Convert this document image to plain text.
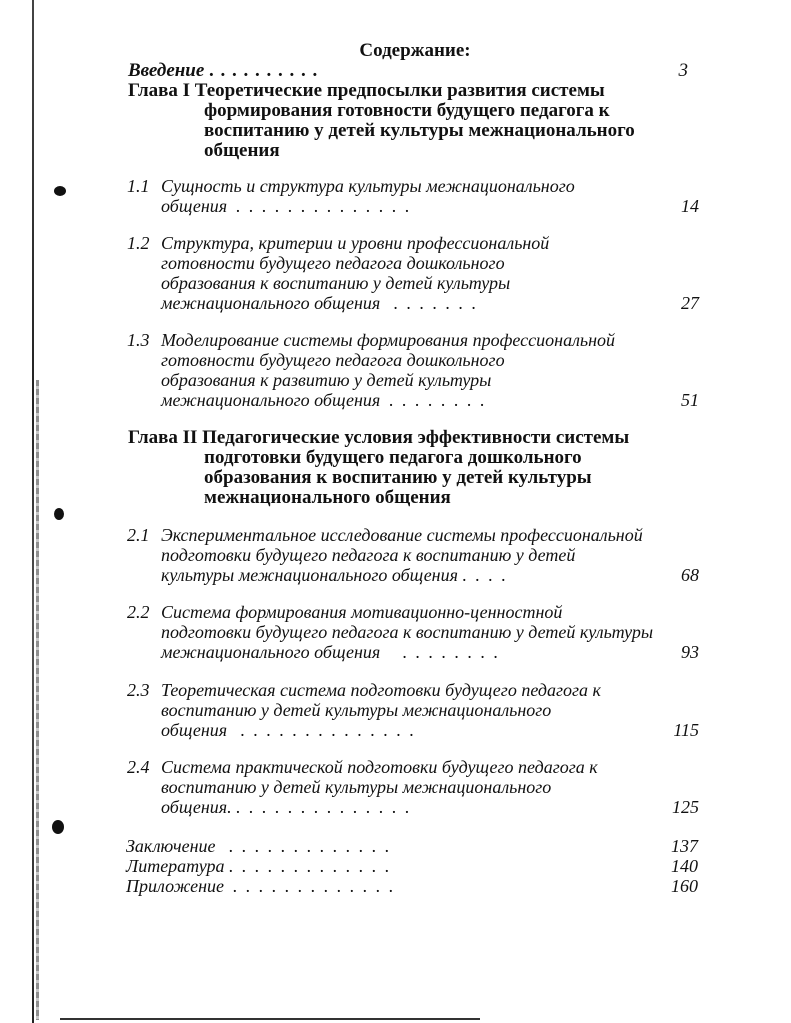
Содержание:
Введение . . . . . . . . . .	3
Глава I Теоретические предпосылки развития системы
формирования готовности будущего педагога к
воспитанию у детей культуры межнационального
общения
1.1 Сущность и структура культуры межнационального
общения . . . . . . . . . . . . . .	14
1.2 Структура, критерии и уровни профессиональной
готовности будущего педагога дошкольного
образования к воспитанию у детей культуры
межнационального общения . . . . . . .	27
1.3 Моделирование системы формирования профессиональной
готовности будущего педагога дошкольного
образования к развитию у детей культуры
межнационального общения . . . . . . . .	51
Глава II Педагогические условия эффективности системы
подготовки будущего педагога дошкольного
образования к воспитанию у детей культуры
межнационального общения
2.1 Экспериментальное исследование системы профессиональной
подготовки будущего педагога к воспитанию у детей
культуры межнационального общения . . . .	68
2.2 Система формирования мотивационно-ценностной
подготовки будущего педагога к воспитанию у детей культуры
межнационального общения . . . . . . . .	93
2.3 Теоретическая система подготовки будущего педагога к
воспитанию у детей культуры межнационального
общения . . . . . . . . . . . . . .	115
2.4 Система практической подготовки будущего педагога к
воспитанию у детей культуры межнационального
общения. . . . . . . . . . . . . . .	125
Заключение . . . . . . . . . . . . .	137
Литература . . . . . . . . . . . . .	140
Приложение . . . . . . . . . . . . .	160
